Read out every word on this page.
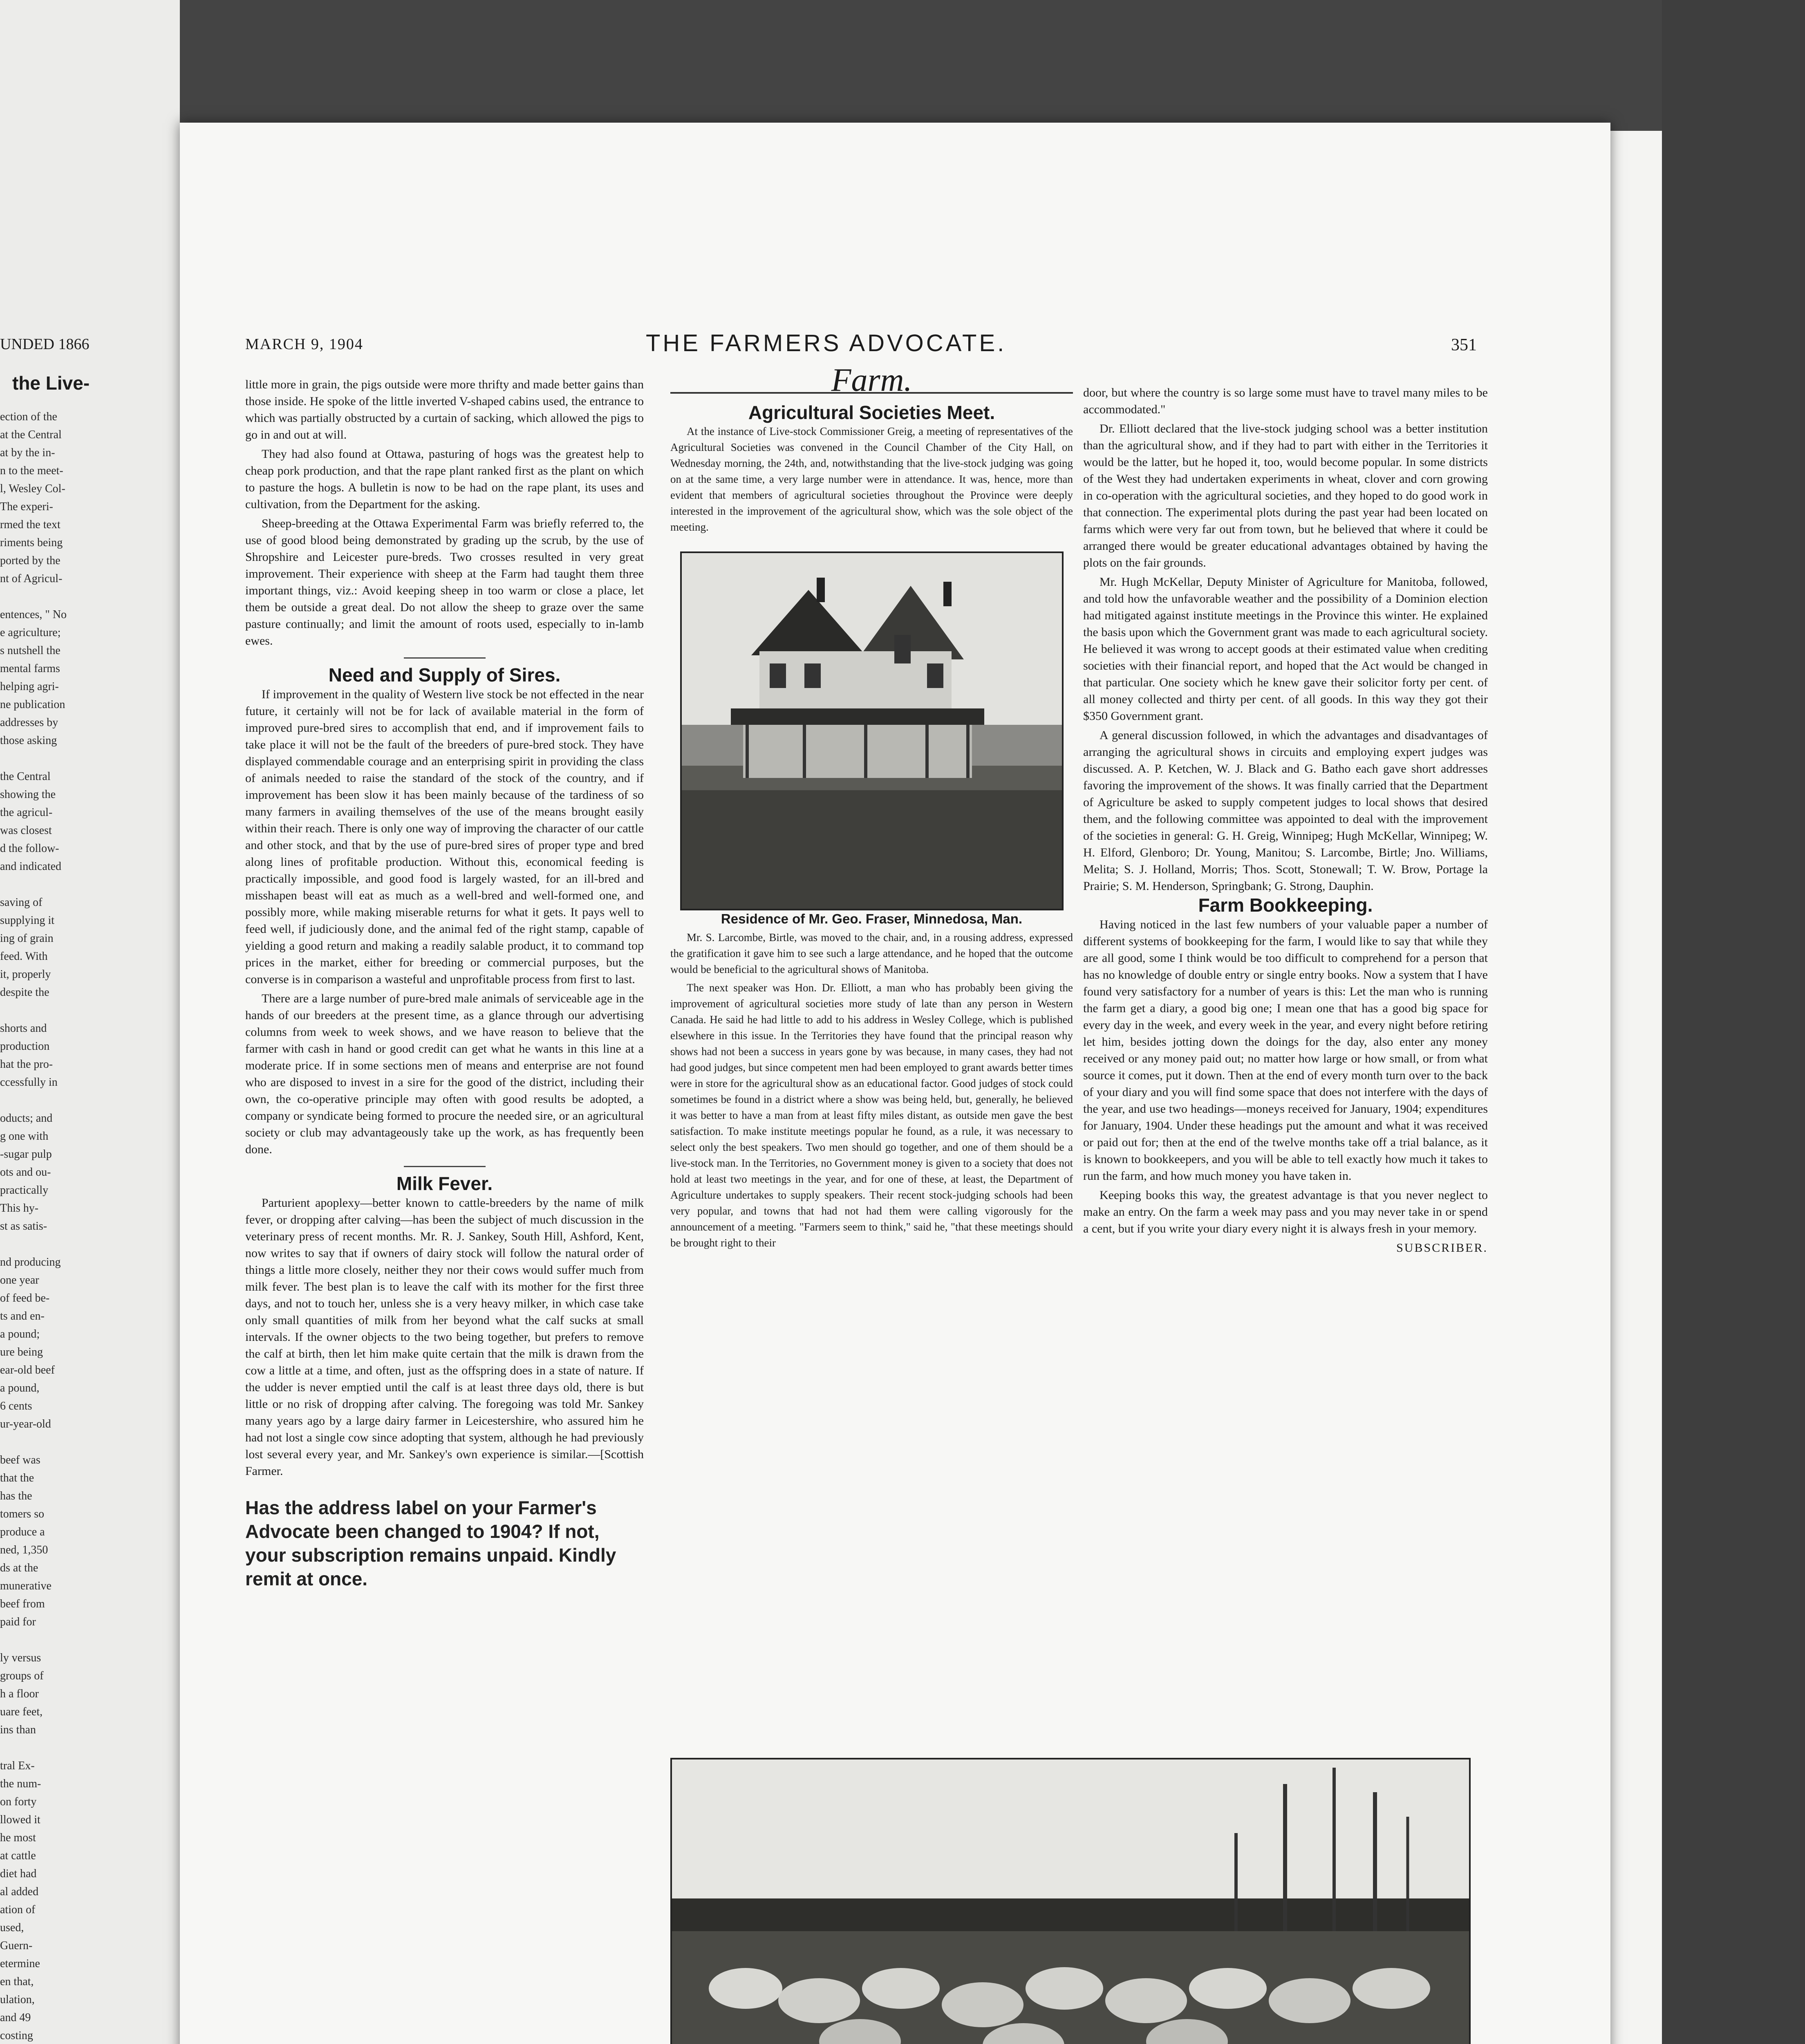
UNDED 1866
the Live-

ection of the

at the Central

at by the in-

n to the meet-

l, Wesley Col-

The experi-

rmed the text

riments being

ported by the

nt of Agricul-

entences, " No

e agriculture;

s nutshell the

mental farms

helping agri-

ne publication

addresses by

those asking

the Central

showing the

the agricul-

was closest

d the follow-

and indicated

saving of

supplying it

ing of grain

feed. With

it, properly

despite the

shorts and

production

hat the pro-

ccessfully in

oducts; and

g one with

-sugar pulp

ots and ou-

practically

This hy-

st as satis-

nd producing

one year

of feed be-

ts and en-

a pound;

ure being

ear-old beef

a pound,

6 cents

ur-year-old

beef was

that the

has the

tomers so

produce a

ned, 1,350

ds at the

munerative

beef from

paid for

ly versus

groups of

h a floor

uare feet,

ins than

tral Ex-

the num-

on forty

llowed it

he most

at cattle

diet had

al added

ation of

used,

Guern-

etermine

en that,

ulation,

and 49

costing

MARCH 9, 1904	THE FARMERS ADVOCATE.	351

little more in grain, the pigs outside were more thrifty and made better gains than those inside. He spoke of the little inverted V-shaped cabins used, the entrance to which was partially obstructed by a curtain of sacking, which allowed the pigs to go in and out at will.

They had also found at Ottawa, pasturing of hogs was the greatest help to cheap pork production, and that the rape plant ranked first as the plant on which to pasture the hogs. A bulletin is now to be had on the rape plant, its uses and cultivation, from the Department for the asking.

Sheep-breeding at the Ottawa Experimental Farm was briefly referred to, the use of good blood being demonstrated by grading up the scrub, by the use of Shropshire and Leicester pure-breds. Two crosses resulted in very great improvement. Their experience with sheep at the Farm had taught them three important things, viz.: Avoid keeping sheep in too warm or close a place, let them be outside a great deal. Do not allow the sheep to graze over the same pasture continually; and limit the amount of roots used, especially to in-lamb ewes.

Need and Supply of Sires.

If improvement in the quality of Western live stock be not effected in the near future, it certainly will not be for lack of available material in the form of improved pure-bred sires to accomplish that end, and if improvement fails to take place it will not be the fault of the breeders of pure-bred stock. They have displayed commendable courage and an enterprising spirit in providing the class of animals needed to raise the standard of the stock of the country, and if improvement has been slow it has been mainly because of the tardiness of so many farmers in availing themselves of the use of the means brought easily within their reach. There is only one way of improving the character of our cattle and other stock, and that by the use of pure-bred sires of proper type and bred along lines of profitable production. Without this, economical feeding is practically impossible, and good food is largely wasted, for an ill-bred and misshapen beast will eat as much as a well-bred and well-formed one, and possibly more, while making miserable returns for what it gets. It pays well to feed well, if judiciously done, and the animal fed of the right stamp, capable of yielding a good return and making a readily salable product, it to command top prices in the market, either for breeding or commercial purposes, but the converse is in comparison a wasteful and unprofitable process from first to last.

There are a large number of pure-bred male animals of serviceable age in the hands of our breeders at the present time, as a glance through our advertising columns from week to week shows, and we have reason to believe that the farmer with cash in hand or good credit can get what he wants in this line at a moderate price. If in some sections men of means and enterprise are not found who are disposed to invest in a sire for the good of the district, including their own, the co-operative principle may often with good results be adopted, a company or syndicate being formed to procure the needed sire, or an agricultural society or club may advantageously take up the work, as has frequently been done.

Milk Fever.

Parturient apoplexy—better known to cattle-breeders by the name of milk fever, or dropping after calving—has been the subject of much discussion in the veterinary press of recent months. Mr. R. J. Sankey, South Hill, Ashford, Kent, now writes to say that if owners of dairy stock will follow the natural order of things a little more closely, neither they nor their cows would suffer much from milk fever. The best plan is to leave the calf with its mother for the first three days, and not to touch her, unless she is a very heavy milker, in which case take only small quantities of milk from her beyond what the calf sucks at small intervals. If the owner objects to the two being together, but prefers to remove the calf at birth, then let him make quite certain that the milk is drawn from the cow a little at a time, and often, just as the offspring does in a state of nature. If the udder is never emptied until the calf is at least three days old, there is but little or no risk of dropping after calving. The foregoing was told Mr. Sankey many years ago by a large dairy farmer in Leicestershire, who assured him he had not lost a single cow since adopting that system, although he had previously lost several every year, and Mr. Sankey's own experience is similar.—[Scottish Farmer.

Has the address label on your Farmer's Advocate been changed to 1904? If not, your subscription remains unpaid. Kindly remit at once.
Farm.

Agricultural Societies Meet.

At the instance of Live-stock Commissioner Greig, a meeting of representatives of the Agricultural Societies was convened in the Council Chamber of the City Hall, on Wednesday morning, the 24th, and, notwithstanding that the live-stock judging was going on at the same time, a very large number were in attendance. It was, hence, more than evident that members of agricultural societies throughout the Province were deeply interested in the improvement of the agricultural show, which was the sole object of the meeting.

Residence of Mr. Geo. Fraser, Minnedosa, Man.

Mr. S. Larcombe, Birtle, was moved to the chair, and, in a rousing address, expressed the gratification it gave him to see such a large attendance, and he hoped that the outcome would be beneficial to the agricultural shows of Manitoba.

The next speaker was Hon. Dr. Elliott, a man who has probably been giving the improvement of agricultural societies more study of late than any person in Western Canada. He said he had little to add to his address in Wesley College, which is published elsewhere in this issue. In the Territories they have found that the principal reason why shows had not been a success in years gone by was because, in many cases, they had not had good judges, but since competent men had been employed to grant awards better times were in store for the agricultural show as an educational factor. Good judges of stock could sometimes be found in a district where a show was being held, but, generally, he believed it was better to have a man from at least fifty miles distant, as outside men gave the best satisfaction. To make institute meetings popular he found, as a rule, it was necessary to select only the best speakers. Two men should go together, and one of them should be a live-stock man. In the Territories, no Government money is given to a society that does not hold at least two meetings in the year, and for one of these, at least, the Department of Agriculture undertakes to supply speakers. Their recent stock-judging schools had been very popular, and towns that had not had them were calling vigorously for the announcement of a meeting. "Farmers seem to think," said he, "that these meetings should be brought right to their

door, but where the country is so large some must have to travel many miles to be accommodated."

Dr. Elliott declared that the live-stock judging school was a better institution than the agricultural show, and if they had to part with either in the Territories it would be the latter, but he hoped it, too, would become popular. In some districts of the West they had undertaken experiments in wheat, clover and corn growing in co-operation with the agricultural societies, and they hoped to do good work in that connection. The experimental plots during the past year had been located on farms which were very far out from town, but he believed that where it could be arranged there would be greater educational advantages obtained by having the plots on the fair grounds.

Mr. Hugh McKellar, Deputy Minister of Agriculture for Manitoba, followed, and told how the unfavorable weather and the possibility of a Dominion election had mitigated against institute meetings in the Province this winter. He explained the basis upon which the Government grant was made to each agricultural society. He believed it was wrong to accept goods at their estimated value when crediting societies with their financial report, and hoped that the Act would be changed in that particular. One society which he knew gave their solicitor forty per cent. of all money collected and thirty per cent. of all goods. In this way they got their $350 Government grant.

A general discussion followed, in which the advantages and disadvantages of arranging the agricultural shows in circuits and employing expert judges was discussed. A. P. Ketchen, W. J. Black and G. Batho each gave short addresses favoring the improvement of the shows. It was finally carried that the Department of Agriculture be asked to supply competent judges to local shows that desired them, and the following committee was appointed to deal with the improvement of the societies in general: G. H. Greig, Winnipeg; Hugh McKellar, Winnipeg; W. H. Elford, Glenboro; Dr. Young, Manitou; S. Larcombe, Birtle; Jno. Williams, Melita; S. J. Holland, Morris; Thos. Scott, Stonewall; T. W. Brow, Portage la Prairie; S. M. Henderson, Springbank; G. Strong, Dauphin.

Farm Bookkeeping.

Having noticed in the last few numbers of your valuable paper a number of different systems of bookkeeping for the farm, I would like to say that while they are all good, some I think would be too difficult to comprehend for a person that has no knowledge of double entry or single entry books. Now a system that I have found very satisfactory for a number of years is this: Let the man who is running the farm get a diary, a good big one; I mean one that has a good big space for every day in the week, and every week in the year, and every night before retiring let him, besides jotting down the doings for the day, also enter any money received or any money paid out; no matter how large or how small, or from what source it comes, put it down. Then at the end of every month turn over to the back of your diary and you will find some space that does not interfere with the days of the year, and use two headings—moneys received for January, 1904; expenditures for January, 1904. Under these headings put the amount and what it was received or paid out for; then at the end of the twelve months take off a trial balance, as it is known to bookkeepers, and you will be able to tell exactly how much it takes to run the farm, and how much money you have taken in.

Keeping books this way, the greatest advantage is that you never neglect to make an entry. On the farm a week may pass and you may never take in or spend a cent, but if you write your diary every night it is always fresh in your memory.

SUBSCRIBER.
